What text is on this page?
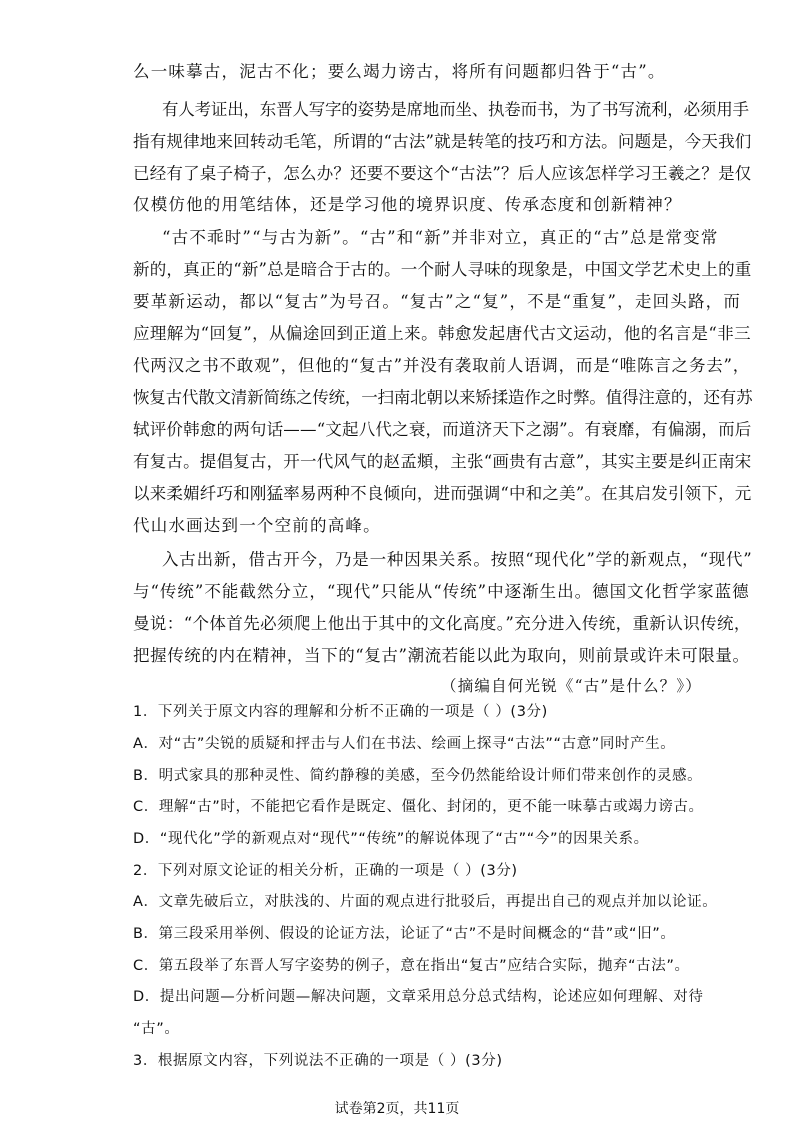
么一味摹古，泥古不化；要么竭力谤古，将所有问题都归咎于“古”。
有人考证出，东晋人写字的姿势是席地而坐、执卷而书，为了书写流利，必须用手
指有规律地来回转动毛笔，所谓的“古法”就是转笔的技巧和方法。问题是，今天我们
已经有了桌子椅子，怎么办？还要不要这个“古法”？后人应该怎样学习王羲之？是仅
仅模仿他的用笔结体，还是学习他的境界识度、传承态度和创新精神？
“古不乖时”“与古为新”。“古”和“新”并非对立，真正的“古”总是常变常
新的，真正的“新”总是暗合于古的。一个耐人寻味的现象是，中国文学艺术史上的重
要革新运动，都以“复古”为号召。“复古”之“复”，不是“重复”，走回头路，而
应理解为“回复”，从偏途回到正道上来。韩愈发起唐代古文运动，他的名言是“非三
代两汉之书不敢观”，但他的“复古”并没有袭取前人语调，而是“唯陈言之务去”，
恢复古代散文清新简练之传统，一扫南北朝以来矫揉造作之时弊。值得注意的，还有苏
轼评价韩愈的两句话——“文起八代之衰，而道济天下之溺”。有衰靡，有偏溺，而后
有复古。提倡复古，开一代风气的赵孟頫，主张“画贵有古意”，其实主要是纠正南宋
以来柔媚纤巧和刚猛率易两种不良倾向，进而强调“中和之美”。在其启发引领下，元
代山水画达到一个空前的高峰。
入古出新，借古开今，乃是一种因果关系。按照“现代化”学的新观点，“现代”
与“传统”不能截然分立，“现代”只能从“传统”中逐渐生出。德国文化哲学家蓝德
曼说：“个体首先必须爬上他出于其中的文化高度。”充分进入传统，重新认识传统，
把握传统的内在精神，当下的“复古”潮流若能以此为取向，则前景或许未可限量。
（摘编自何光锐《“古”是什么？》）
1．下列关于原文内容的理解和分析不正确的一项是（ ）(3分)
A．对“古”尖锐的质疑和抨击与人们在书法、绘画上探寻“古法”“古意”同时产生。
B．明式家具的那种灵性、简约静穆的美感，至今仍然能给设计师们带来创作的灵感。
C．理解“古”时，不能把它看作是既定、僵化、封闭的，更不能一味摹古或竭力谤古。
D．“现代化”学的新观点对“现代”“传统”的解说体现了“古”“今”的因果关系。
2．下列对原文论证的相关分析，正确的一项是（ ）(3分)
A．文章先破后立，对肤浅的、片面的观点进行批驳后，再提出自己的观点并加以论证。
B．第三段采用举例、假设的论证方法，论证了“古”不是时间概念的“昔”或“旧”。
C．第五段举了东晋人写字姿势的例子，意在指出“复古”应结合实际，抛弃“古法”。
D．提出问题—分析问题—解决问题，文章采用总分总式结构，论述应如何理解、对待
“古”。
3．根据原文内容，下列说法不正确的一项是（ ）(3分)
试卷第2页，共11页
